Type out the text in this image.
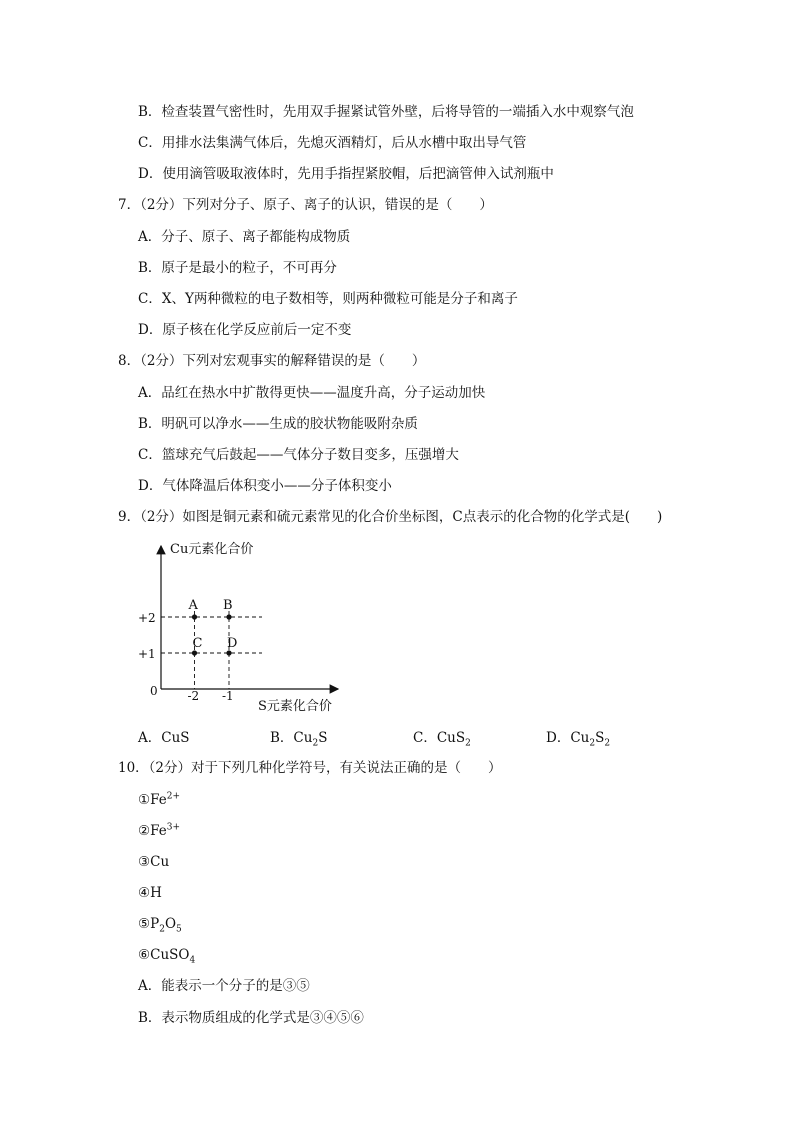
B．检查装置气密性时，先用双手握紧试管外壁，后将导管的一端插入水中观察气泡
C．用排水法集满气体后，先熄灭酒精灯，后从水槽中取出导气管
D．使用滴管吸取液体时，先用手指捏紧胶帽，后把滴管伸入试剂瓶中
7．（2分）下列对分子、原子、离子的认识，错误的是（　　）
A．分子、原子、离子都能构成物质
B．原子是最小的粒子，不可再分
C．X、Y两种微粒的电子数相等，则两种微粒可能是分子和离子
D．原子核在化学反应前后一定不变
8．（2分）下列对宏观事实的解释错误的是（　　）
A．品红在热水中扩散得更快——温度升高，分子运动加快
B．明矾可以净水——生成的胶状物能吸附杂质
C．篮球充气后鼓起——气体分子数目变多，压强增大
D．气体降温后体积变小——分子体积变小
9．（2分）如图是铜元素和硫元素常见的化合价坐标图，C点表示的化合物的化学式是(　　)
Cu元素化合价
S元素化合价
0
+2
+1
-2 -1
A B
C D
A．CuS	B．$Cu_2S$	C．CuS$_2$	D．$Cu_2S_2$
10．（2分）对于下列几种化学符号，有关说法正确的是（　　）
$①Fe^{2+}$
$②Fe^{3+}$
③Cu
④H
$⑤P_2O_5$
⑥CuSO$_4$
A．能表示一个分子的是③⑤
B．表示物质组成的化学式是③④⑤⑥
